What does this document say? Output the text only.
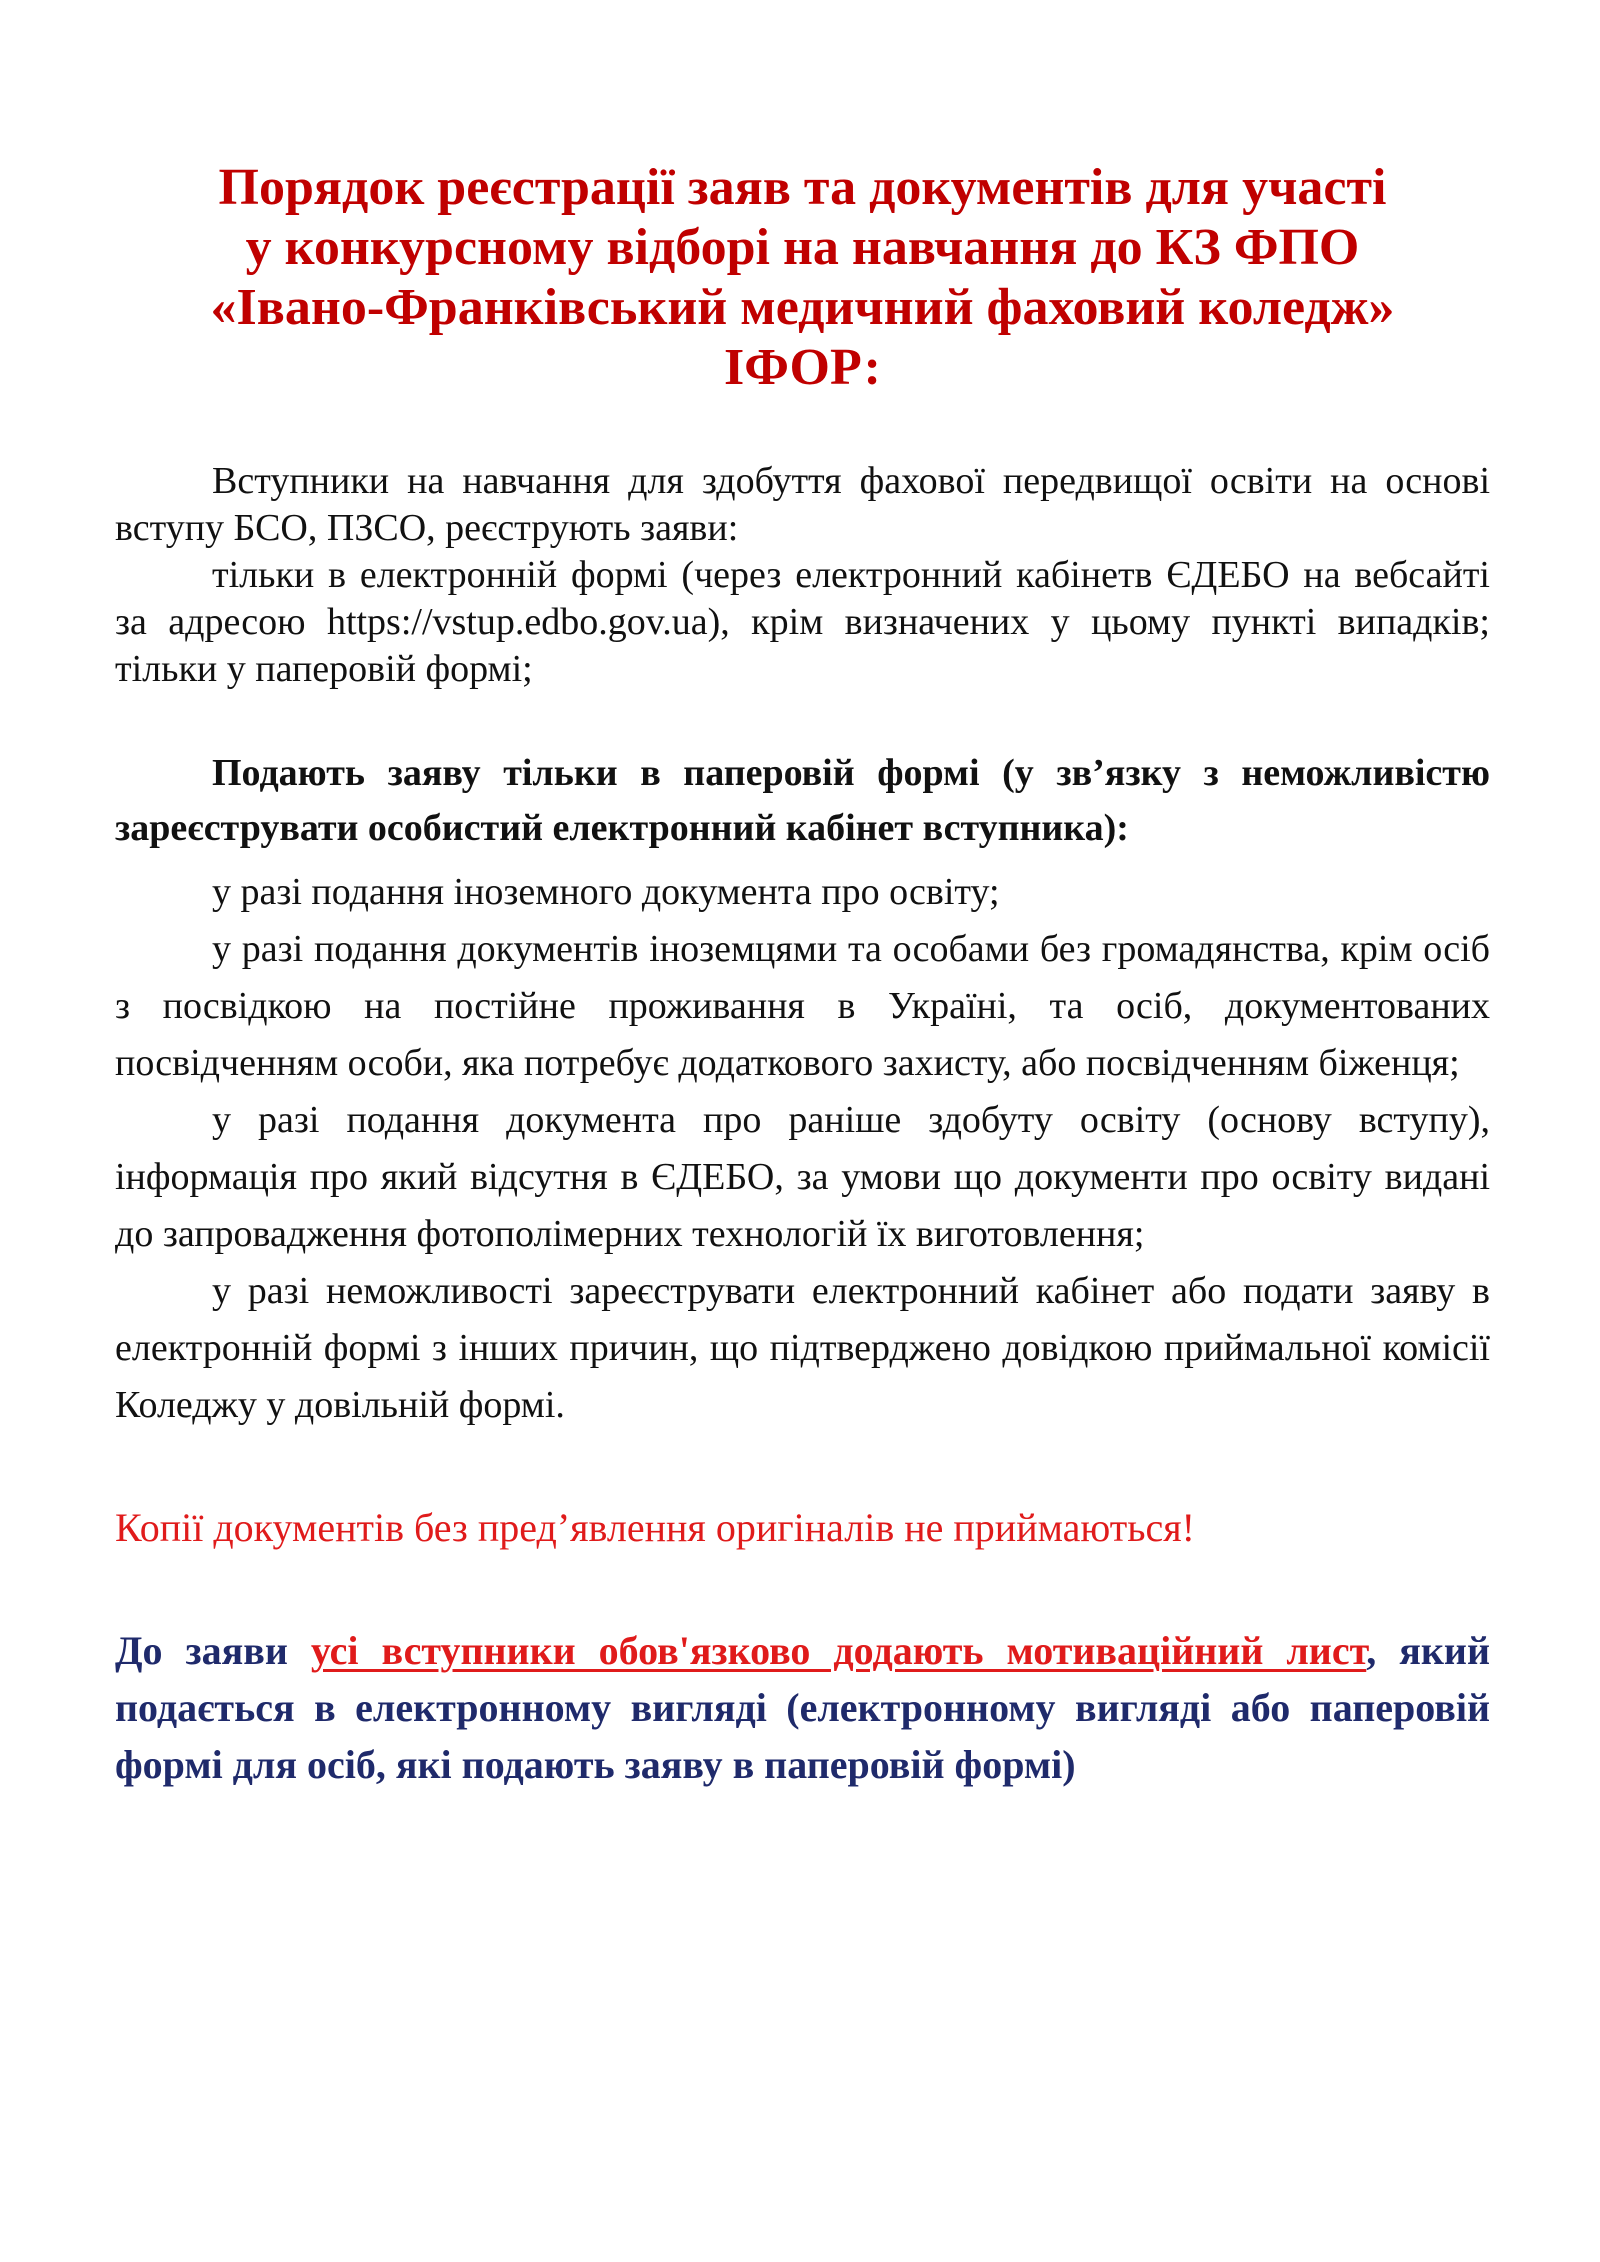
Порядок реєстрації заяв та документів для участі
у конкурсному відборі на навчання до КЗ ФПО
«Івано-Франківський медичний фаховий коледж»
ІФОР:

Вступники на навчання для здобуття фахової передвищої освіти на основі вступу БСО, ПЗСО, реєструють заяви:

тільки в електронній формі (через електронний кабінетв ЄДЕБО на вебсайті за адресою https://vstup.edbo.gov.ua), крім визначених у цьому пункті випадків; тільки у паперовій формі;

Подають заяву тільки в паперовій формі (у зв’язку з неможливістю зареєструвати особистий електронний кабінет вступника):

у разі подання іноземного документа про освіту;

у разі подання документів іноземцями та особами без громадянства, крім осіб з посвідкою на постійне проживання в Україні, та осіб, документованих посвідченням особи, яка потребує додаткового захисту, або посвідченням біженця;

у разі подання документа про раніше здобуту освіту (основу вступу), інформація про який відсутня в ЄДЕБО, за умови що документи про освіту видані до запровадження фотополімерних технологій їх виготовлення;

у разі неможливості зареєструвати електронний кабінет або подати заяву в електронній формі з інших причин, що підтверджено довідкою приймальної комісії Коледжу у довільній формі.

Копії документів без пред’явлення оригіналів не приймаються!

До заяви усі вступники обов'язково додають мотиваційний лист, який подається в електронному вигляді (електронному вигляді або паперовій формі для осіб, які подають заяву в паперовій формі)
